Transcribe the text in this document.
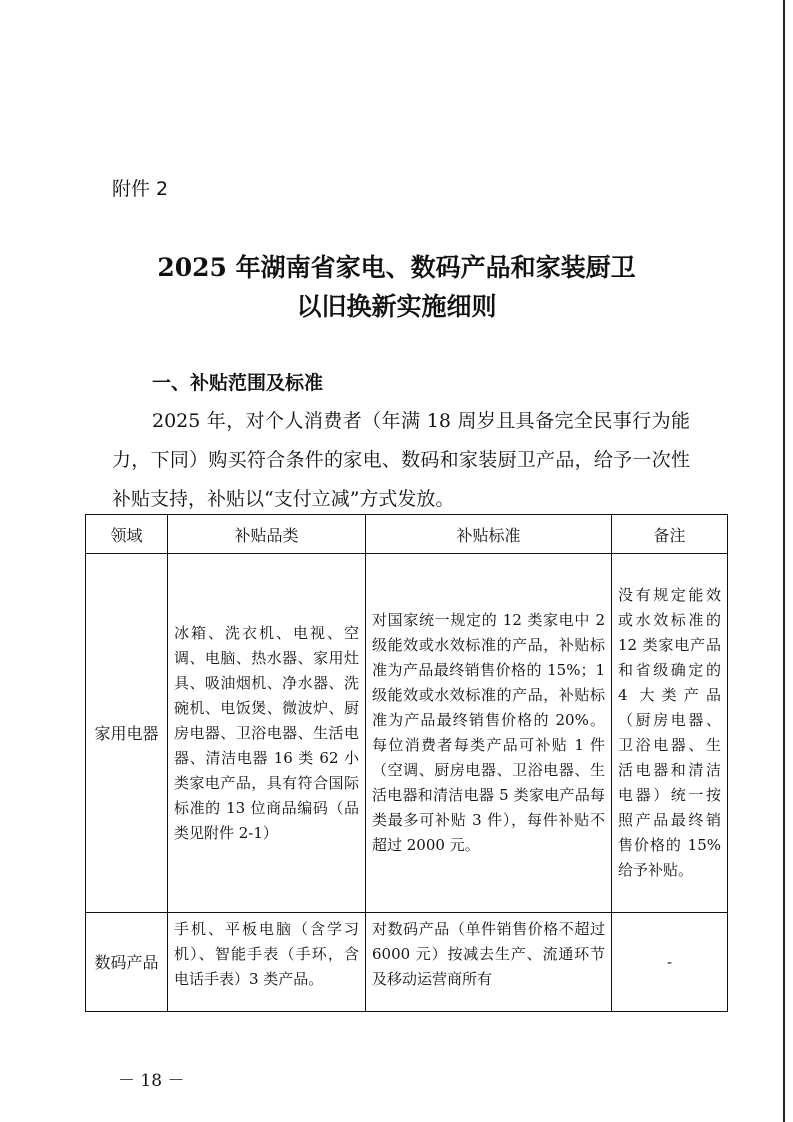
附件 2
2025 年湖南省家电、数码产品和家装厨卫
以旧换新实施细则
一、补贴范围及标准
2025 年，对个人消费者（年满 18 周岁且具备完全民事行为能力，下同）购买符合条件的家电、数码和家装厨卫产品，给予一次性补贴支持，补贴以“支付立减”方式发放。
领域	补贴品类	补贴标准	备注
家用电器	冰箱、洗衣机、电视、空调、电脑、热水器、家用灶具、吸油烟机、净水器、洗碗机、电饭煲、微波炉、厨房电器、卫浴电器、生活电器、清洁电器 16 类 62 小类家电产品，具有符合国际标准的 13 位商品编码（品类见附件 2-1）	对国家统一规定的 12 类家电中 2 级能效或水效标准的产品，补贴标准为产品最终销售价格的 15%；1 级能效或水效标准的产品，补贴标准为产品最终销售价格的 20%。每位消费者每类产品可补贴 1 件（空调、厨房电器、卫浴电器、生活电器和清洁电器 5 类家电产品每类最多可补贴 3 件），每件补贴不超过 2000 元。	没有规定能效或水效标准的 12 类家电产品和省级确定的 4 大类产品（厨房电器、卫浴电器、生活电器和清洁电器）统一按照产品最终销售价格的 15% 给予补贴。
数码产品	手机、平板电脑（含学习机）、智能手表（手环，含电话手表）3 类产品。	对数码产品（单件销售价格不超过 6000 元）按减去生产、流通环节及移动运营商所有	-
－ 18 －
